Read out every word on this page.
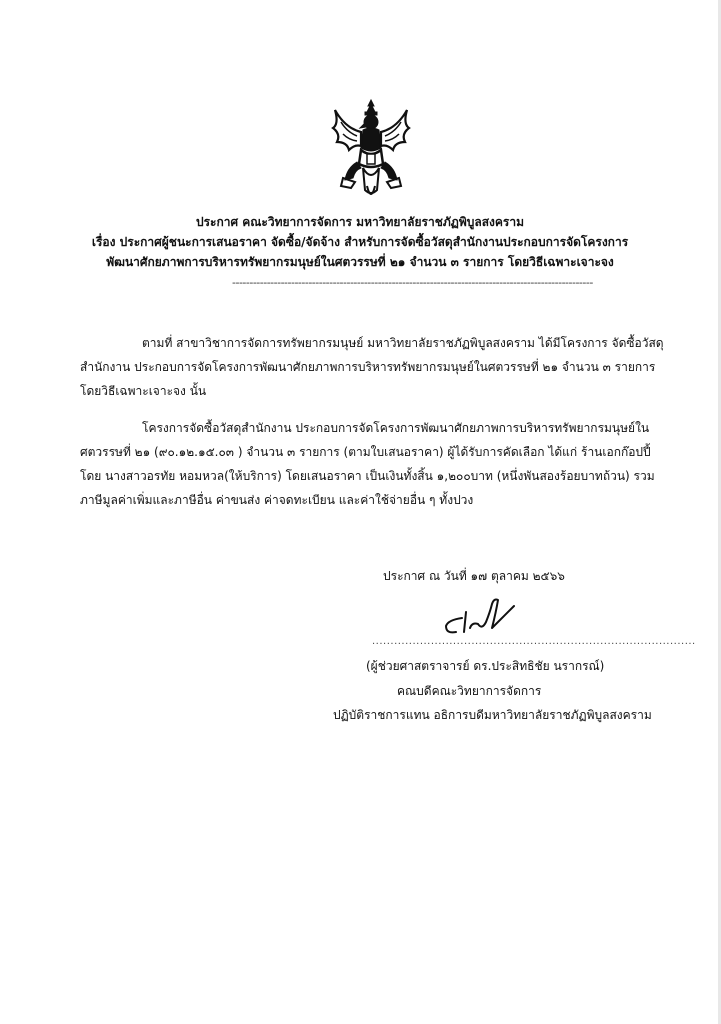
ประกาศ คณะวิทยาการจัดการ มหาวิทยาลัยราชภัฏพิบูลสงคราม
เรื่อง ประกาศผู้ชนะการเสนอราคา จัดซื้อ/จัดจ้าง สำหรับการจัดซื้อวัสดุสำนักงานประกอบการจัดโครงการ
พัฒนาศักยภาพการบริหารทรัพยากรมนุษย์ในศตวรรษที่ ๒๑ จำนวน ๓ รายการ โดยวิธีเฉพาะเจาะจง
--------------------------------------------------------------------------------------------------------
ตามที่ สาขาวิชาการจัดการทรัพยากรมนุษย์ มหาวิทยาลัยราชภัฏพิบูลสงคราม ได้มีโครงการ จัดซื้อวัสดุ
สำนักงาน ประกอบการจัดโครงการพัฒนาศักยภาพการบริหารทรัพยากรมนุษย์ในศตวรรษที่ ๒๑ จำนวน ๓ รายการ
โดยวิธีเฉพาะเจาะจง นั้น
โครงการจัดซื้อวัสดุสำนักงาน ประกอบการจัดโครงการพัฒนาศักยภาพการบริหารทรัพยากรมนุษย์ใน
ศตวรรษที่ ๒๑ (๙๐.๑๒.๑๕.๐๓ ) จำนวน ๓ รายการ (ตามใบเสนอราคา) ผู้ได้รับการคัดเลือก ได้แก่ ร้านเอกก๊อปปี้
โดย นางสาวอรทัย หอมหวล(ให้บริการ) โดยเสนอราคา เป็นเงินทั้งสิ้น ๑,๒๐๐บาท (หนึ่งพันสองร้อยบาทถ้วน) รวม
ภาษีมูลค่าเพิ่มและภาษีอื่น ค่าขนส่ง ค่าจดทะเบียน และค่าใช้จ่ายอื่น ๆ ทั้งปวง
ประกาศ ณ วันที่ ๑๗ ตุลาคม ๒๕๖๖
........................................................................................
(ผู้ช่วยศาสตราจารย์ ดร.ประสิทธิชัย นรากรณ์)
คณบดีคณะวิทยาการจัดการ
ปฏิบัติราชการแทน อธิการบดีมหาวิทยาลัยราชภัฏพิบูลสงคราม
